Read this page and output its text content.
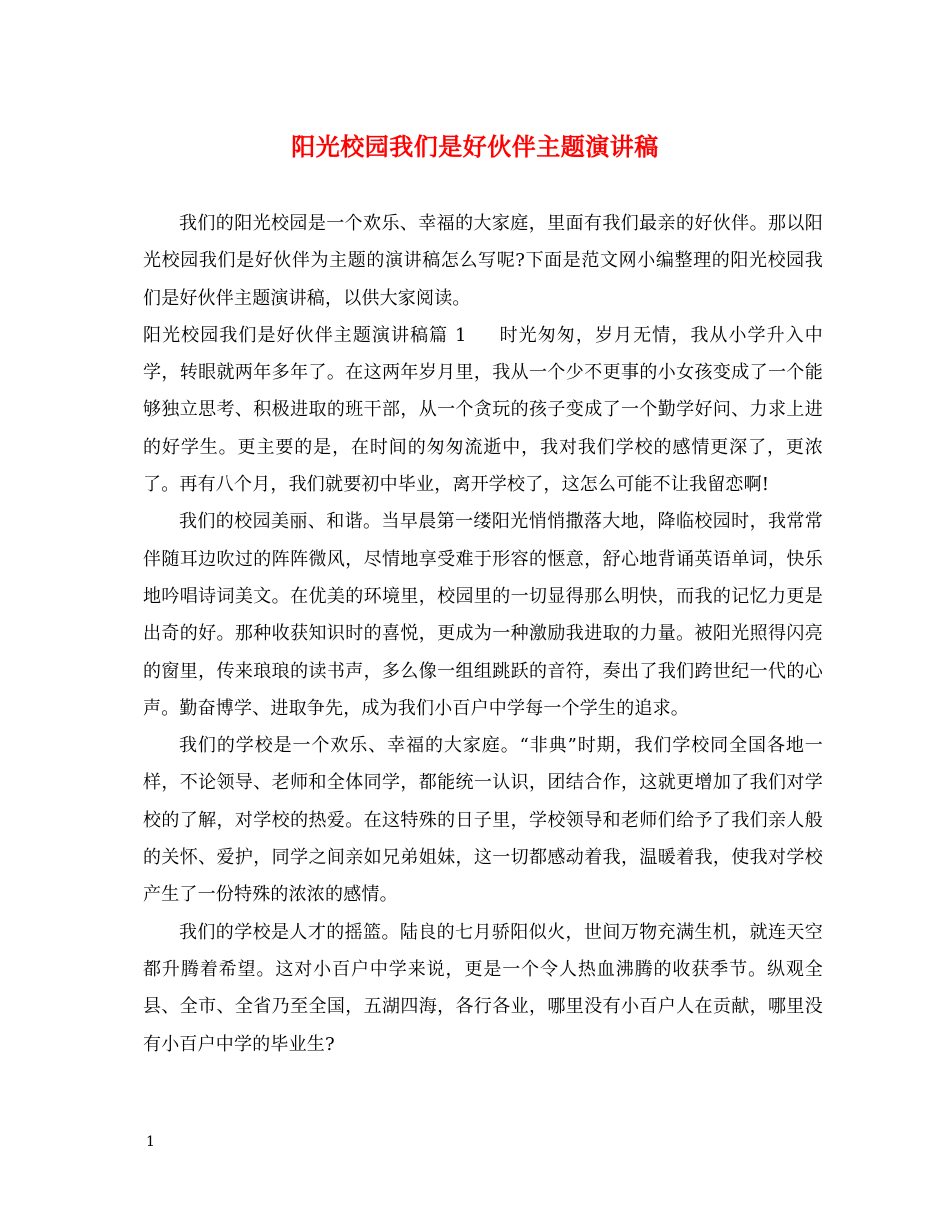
阳光校园我们是好伙伴主题演讲稿

我们的阳光校园是一个欢乐、幸福的大家庭，里面有我们最亲的好伙伴。那以阳光校园我们是好伙伴为主题的演讲稿怎么写呢?下面是范文网小编整理的阳光校园我们是好伙伴主题演讲稿，以供大家阅读。

阳光校园我们是好伙伴主题演讲稿篇 1 时光匆匆，岁月无情，我从小学升入中学，转眼就两年多年了。在这两年岁月里，我从一个少不更事的小女孩变成了一个能够独立思考、积极进取的班干部，从一个贪玩的孩子变成了一个勤学好问、力求上进的好学生。更主要的是，在时间的匆匆流逝中，我对我们学校的感情更深了，更浓了。再有八个月，我们就要初中毕业，离开学校了，这怎么可能不让我留恋啊!

我们的校园美丽、和谐。当早晨第一缕阳光悄悄撒落大地，降临校园时，我常常伴随耳边吹过的阵阵微风，尽情地享受难于形容的惬意，舒心地背诵英语单词，快乐地吟唱诗词美文。在优美的环境里，校园里的一切显得那么明快，而我的记忆力更是出奇的好。那种收获知识时的喜悦，更成为一种激励我进取的力量。被阳光照得闪亮的窗里，传来琅琅的读书声，多么像一组组跳跃的音符，奏出了我们跨世纪一代的心声。勤奋博学、进取争先，成为我们小百户中学每一个学生的追求。

我们的学校是一个欢乐、幸福的大家庭。“非典”时期，我们学校同全国各地一样，不论领导、老师和全体同学，都能统一认识，团结合作，这就更增加了我们对学校的了解，对学校的热爱。在这特殊的日子里，学校领导和老师们给予了我们亲人般的关怀、爱护，同学之间亲如兄弟姐妹，这一切都感动着我，温暖着我，使我对学校产生了一份特殊的浓浓的感情。

我们的学校是人才的摇篮。陆良的七月骄阳似火，世间万物充满生机，就连天空都升腾着希望。这对小百户中学来说，更是一个令人热血沸腾的收获季节。纵观全县、全市、全省乃至全国，五湖四海，各行各业，哪里没有小百户人在贡献，哪里没有小百户中学的毕业生?

1
